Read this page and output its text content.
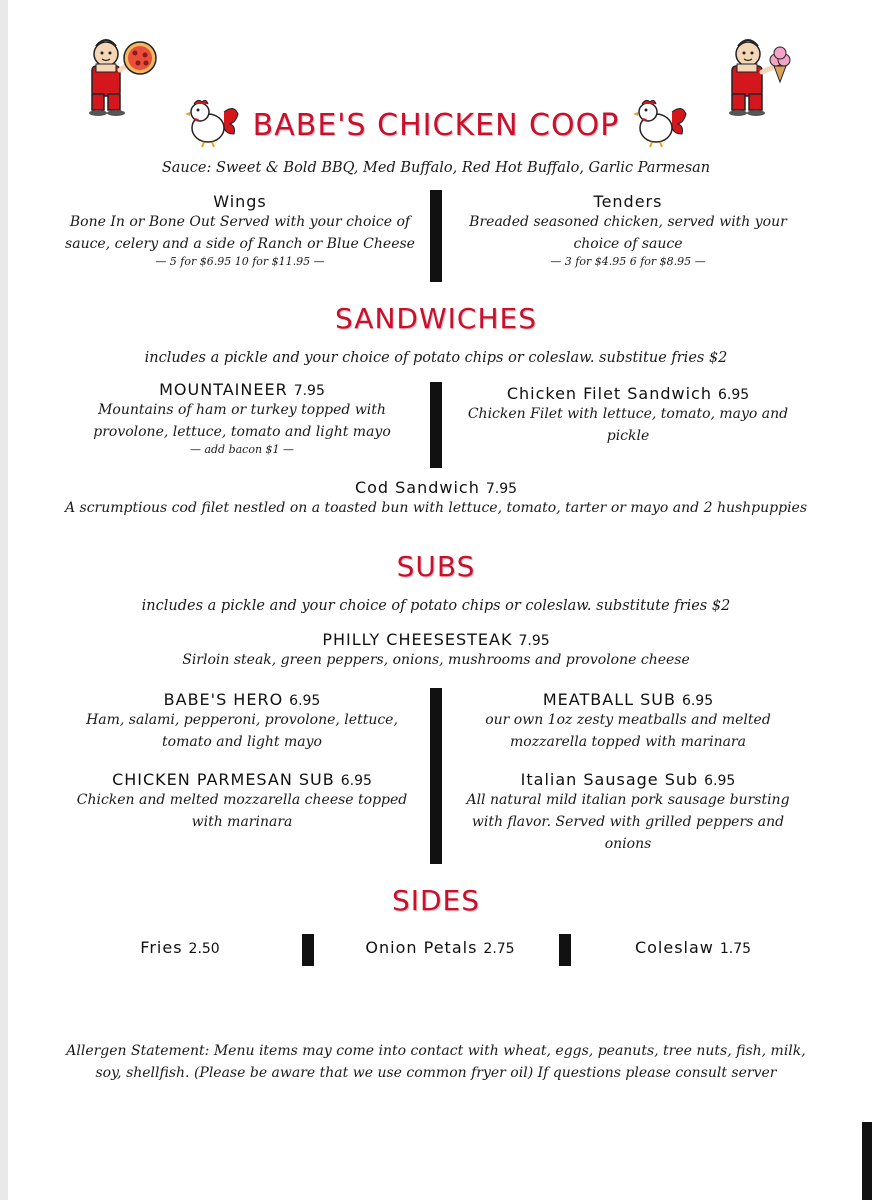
BABE'S CHICKEN COOP
Sauce: Sweet & Bold BBQ, Med Buffalo, Red Hot Buffalo, Garlic Parmesan
Wings
Bone In or Bone Out Served with your choice of
sauce, celery and a side of Ranch or Blue Cheese
— 5 for $6.95 10 for $11.95 —
Tenders
Breaded seasoned chicken, served with your
choice of sauce
— 3 for $4.95 6 for $8.95 —
SANDWICHES
includes a pickle and your choice of potato chips or coleslaw. substitue fries $2
MOUNTAINEER 7.95
Mountains of ham or turkey topped with
provolone, lettuce, tomato and light mayo
— add bacon $1 —
Chicken Filet Sandwich 6.95
Chicken Filet with lettuce, tomato, mayo and
pickle
Cod Sandwich 7.95
A scrumptious cod filet nestled on a toasted bun with lettuce, tomato, tarter or mayo and 2 hushpuppies
SUBS
includes a pickle and your choice of potato chips or coleslaw. substitute fries $2
PHILLY CHEESESTEAK 7.95
Sirloin steak, green peppers, onions, mushrooms and provolone cheese
BABE'S HERO 6.95
Ham, salami, pepperoni, provolone, lettuce,
tomato and light mayo
CHICKEN PARMESAN SUB 6.95
Chicken and melted mozzarella cheese topped
with marinara
MEATBALL SUB 6.95
our own 1oz zesty meatballs and melted
mozzarella topped with marinara
Italian Sausage Sub 6.95
All natural mild italian pork sausage bursting
with flavor. Served with grilled peppers and
onions
SIDES
Fries 2.50	Onion Petals 2.75	Coleslaw 1.75
Allergen Statement: Menu items may come into contact with wheat, eggs, peanuts, tree nuts, fish, milk,
soy, shellfish. (Please be aware that we use common fryer oil) If questions please consult server
